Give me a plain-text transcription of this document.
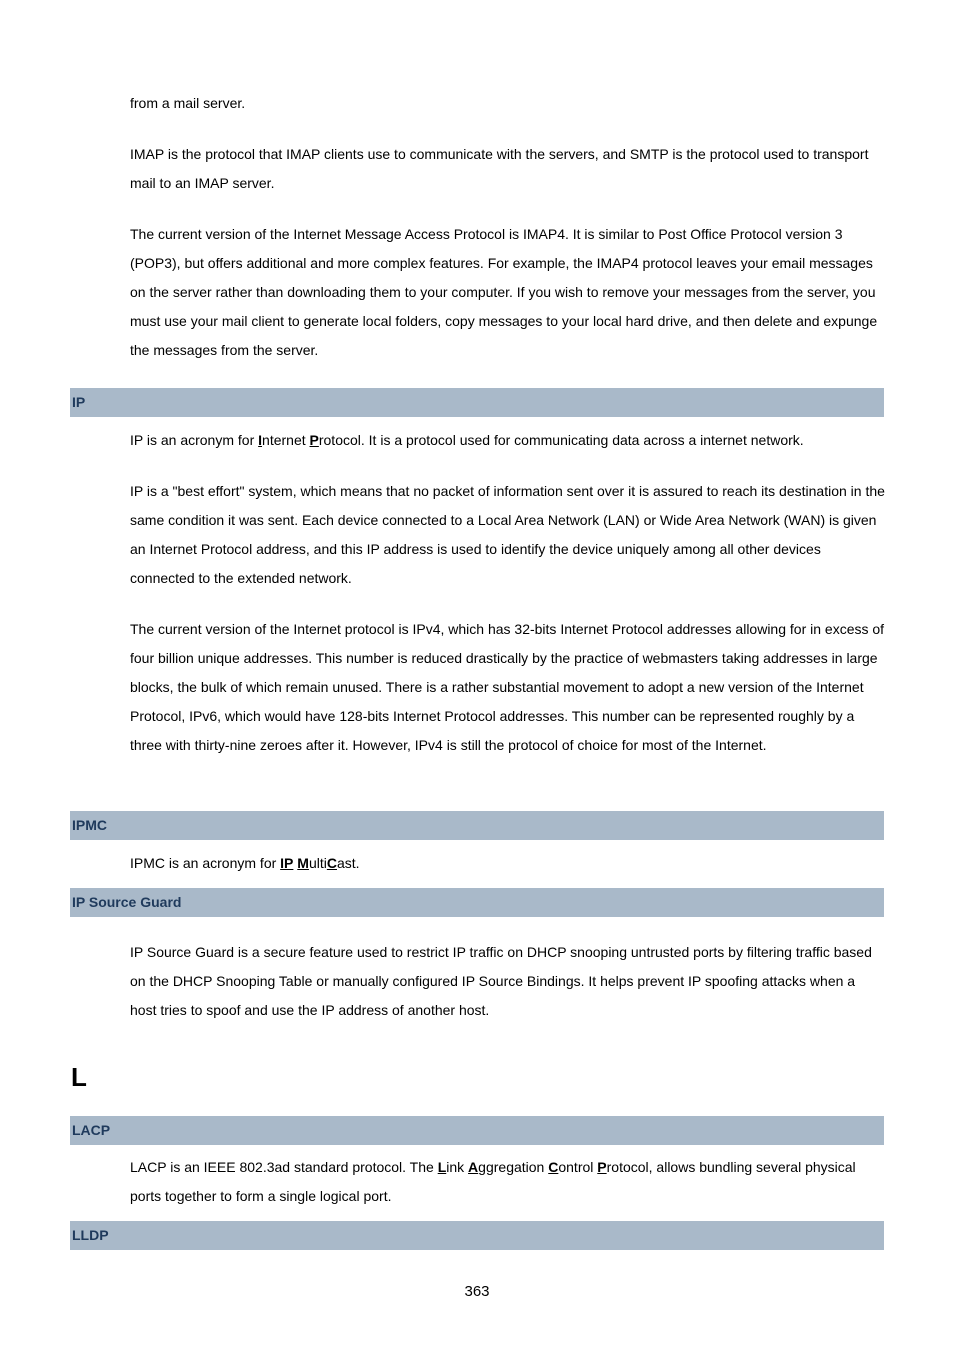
from a mail server.

IMAP is the protocol that IMAP clients use to communicate with the servers, and SMTP is the protocol used to transport mail to an IMAP server.

The current version of the Internet Message Access Protocol is IMAP4. It is similar to Post Office Protocol version 3 (POP3), but offers additional and more complex features. For example, the IMAP4 protocol leaves your email messages on the server rather than downloading them to your computer. If you wish to remove your messages from the server, you must use your mail client to generate local folders, copy messages to your local hard drive, and then delete and expunge the messages from the server.

IP

IP is an acronym for Internet Protocol. It is a protocol used for communicating data across a internet network.

IP is a "best effort" system, which means that no packet of information sent over it is assured to reach its destination in the same condition it was sent. Each device connected to a Local Area Network (LAN) or Wide Area Network (WAN) is given an Internet Protocol address, and this IP address is used to identify the device uniquely among all other devices connected to the extended network.

The current version of the Internet protocol is IPv4, which has 32-bits Internet Protocol addresses allowing for in excess of four billion unique addresses. This number is reduced drastically by the practice of webmasters taking addresses in large blocks, the bulk of which remain unused. There is a rather substantial movement to adopt a new version of the Internet Protocol, IPv6, which would have 128-bits Internet Protocol addresses. This number can be represented roughly by a three with thirty-nine zeroes after it. However, IPv4 is still the protocol of choice for most of the Internet.

IPMC

IPMC is an acronym for IP MultiCast.

IP Source Guard

IP Source Guard is a secure feature used to restrict IP traffic on DHCP snooping untrusted ports by filtering traffic based on the DHCP Snooping Table or manually configured IP Source Bindings. It helps prevent IP spoofing attacks when a host tries to spoof and use the IP address of another host.

L
LACP

LACP is an IEEE 802.3ad standard protocol. The Link Aggregation Control Protocol, allows bundling several physical ports together to form a single logical port.

LLDP
363
